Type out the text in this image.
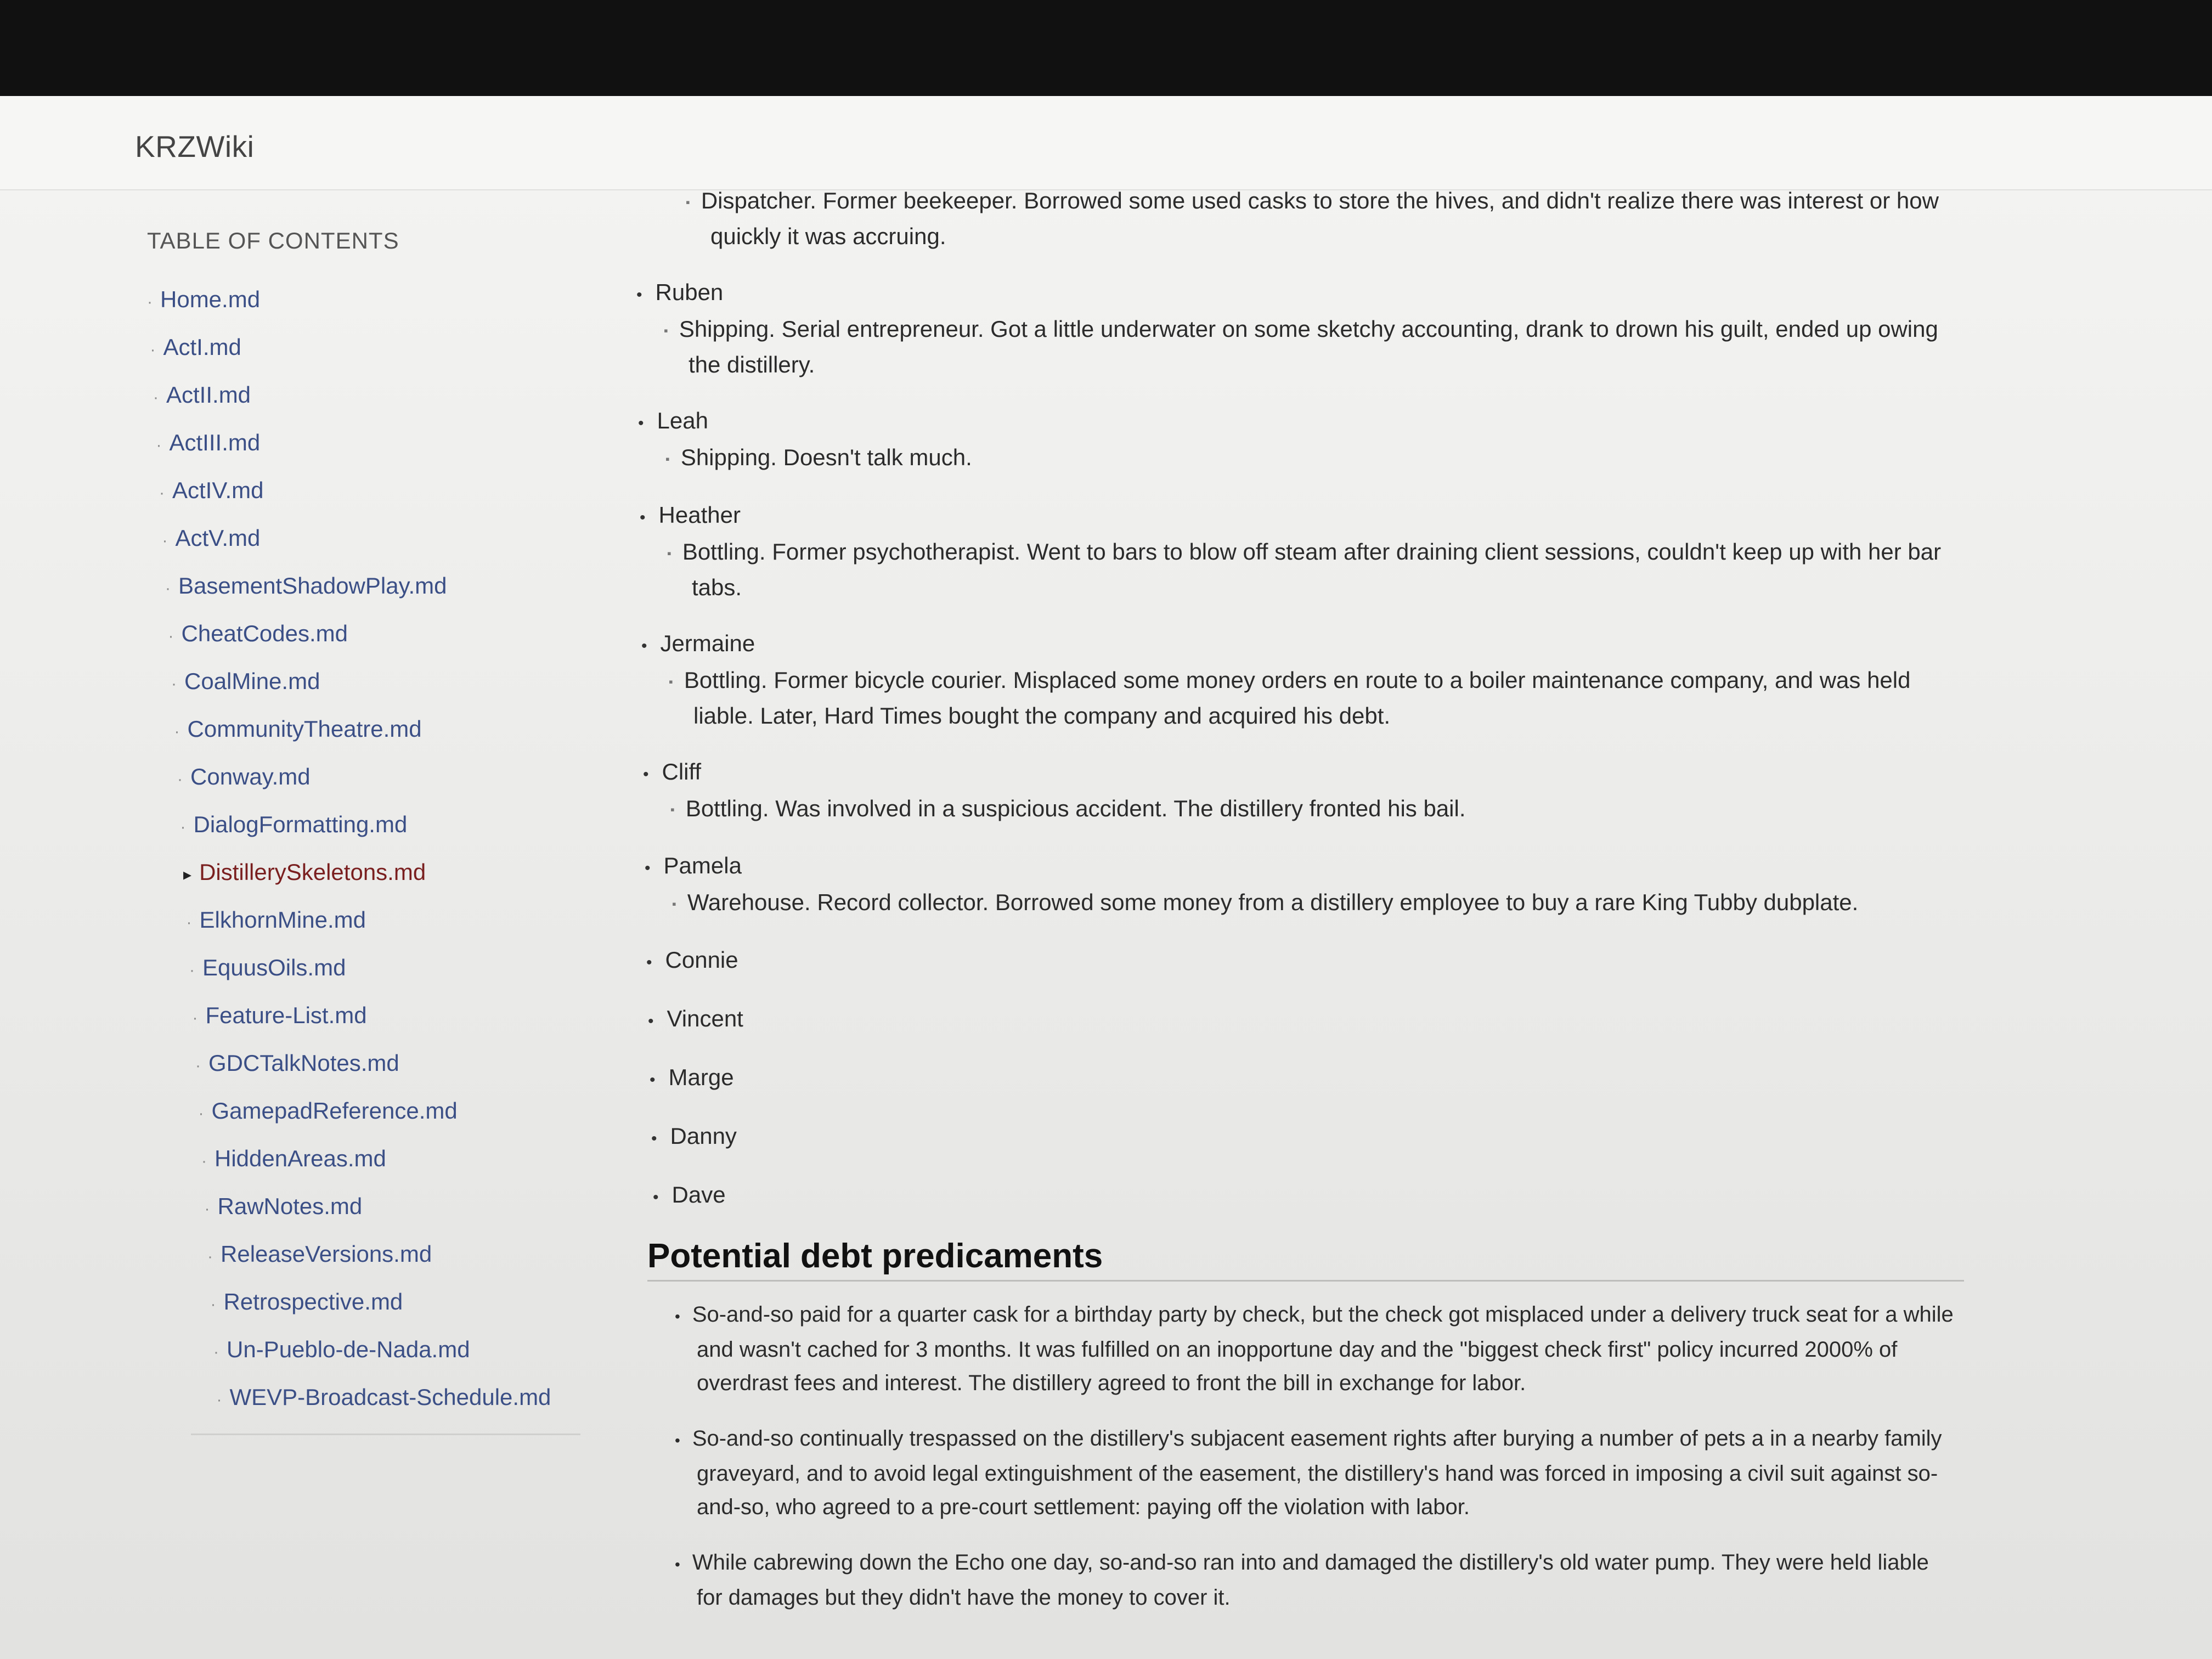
KRZWiki
TABLE OF CONTENTS
· Home.md
· ActI.md
· ActII.md
· ActIII.md
· ActIV.md
· ActV.md
· BasementShadowPlay.md
· CheatCodes.md
· CoalMine.md
· CommunityTheatre.md
· Conway.md
· DialogFormatting.md
▸ DistillerySkeletons.md
· ElkhornMine.md
· EquusOils.md
· Feature-List.md
· GDCTalkNotes.md
· GamepadReference.md
· HiddenAreas.md
· RawNotes.md
· ReleaseVersions.md
· Retrospective.md
· Un-Pueblo-de-Nada.md
· WEVP-Broadcast-Schedule.md
▪ Dispatcher. Former beekeeper. Borrowed some used casks to store the hives, and didn't realize there was interest or how quickly it was accruing.
• Ruben
▪ Shipping. Serial entrepreneur. Got a little underwater on some sketchy accounting, drank to drown his guilt, ended up owing the distillery.
• Leah
▪ Shipping. Doesn't talk much.
• Heather
▪ Bottling. Former psychotherapist. Went to bars to blow off steam after draining client sessions, couldn't keep up with her bar tabs.
• Jermaine
▪ Bottling. Former bicycle courier. Misplaced some money orders en route to a boiler maintenance company, and was held liable. Later, Hard Times bought the company and acquired his debt.
• Cliff
▪ Bottling. Was involved in a suspicious accident. The distillery fronted his bail.
• Pamela
▪ Warehouse. Record collector. Borrowed some money from a distillery employee to buy a rare King Tubby dubplate.
• Connie
• Vincent
• Marge
• Danny
• Dave
Potential debt predicaments
• So-and-so paid for a quarter cask for a birthday party by check, but the check got misplaced under a delivery truck seat for a while and wasn't cached for 3 months. It was fulfilled on an inopportune day and the "biggest check first" policy incurred 2000% of overdrast fees and interest. The distillery agreed to front the bill in exchange for labor.
• So-and-so continually trespassed on the distillery's subjacent easement rights after burying a number of pets a in a nearby family graveyard, and to avoid legal extinguishment of the easement, the distillery's hand was forced in imposing a civil suit against so-and-so, who agreed to a pre-court settlement: paying off the violation with labor.
• While cabrewing down the Echo one day, so-and-so ran into and damaged the distillery's old water pump. They were held liable for damages but they didn't have the money to cover it.
